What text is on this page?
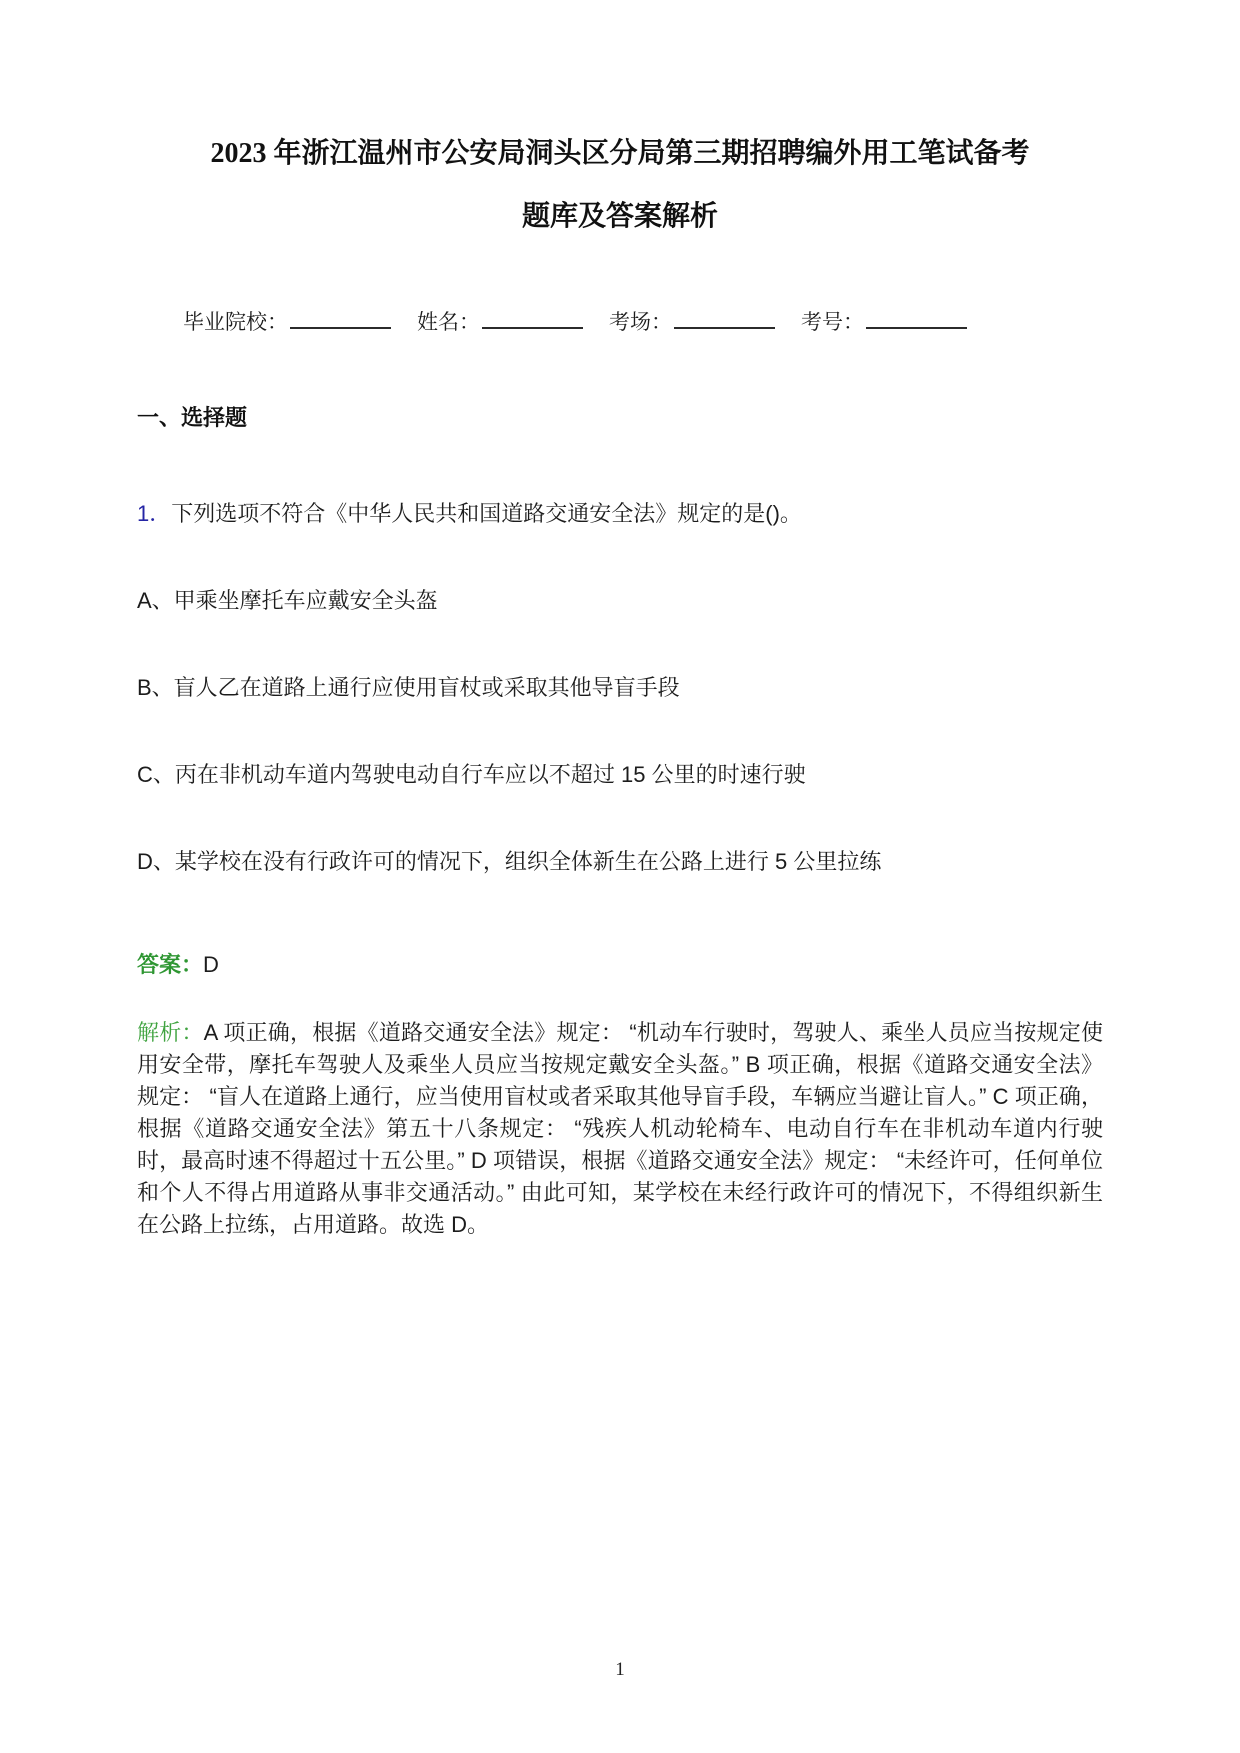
2023 年浙江温州市公安局洞头区分局第三期招聘编外用工笔试备考题库及答案解析
毕业院校：	姓名：	考场：	考号：
一、选择题

1．下列选项不符合《中华人民共和国道路交通安全法》规定的是()。

A、甲乘坐摩托车应戴安全头盔

B、盲人乙在道路上通行应使用盲杖或采取其他导盲手段

C、丙在非机动车道内驾驶电动自行车应以不超过 15 公里的时速行驶

D、某学校在没有行政许可的情况下，组织全体新生在公路上进行 5 公里拉练

答案：D

解析：A 项正确，根据《道路交通安全法》规定： “机动车行驶时，驾驶人、乘坐人员应当按规定使用安全带，摩托车驾驶人及乘坐人员应当按规定戴安全头盔。” B 项正确，根据《道路交通安全法》规定： “盲人在道路上通行，应当使用盲杖或者采取其他导盲手段，车辆应当避让盲人。” C 项正确，根据《道路交通安全法》第五十八条规定： “残疾人机动轮椅车、电动自行车在非机动车道内行驶时，最高时速不得超过十五公里。” D 项错误，根据《道路交通安全法》规定： “未经许可，任何单位和个人不得占用道路从事非交通活动。” 由此可知，某学校在未经行政许可的情况下，不得组织新生在公路上拉练，占用道路。故选 D。

1
